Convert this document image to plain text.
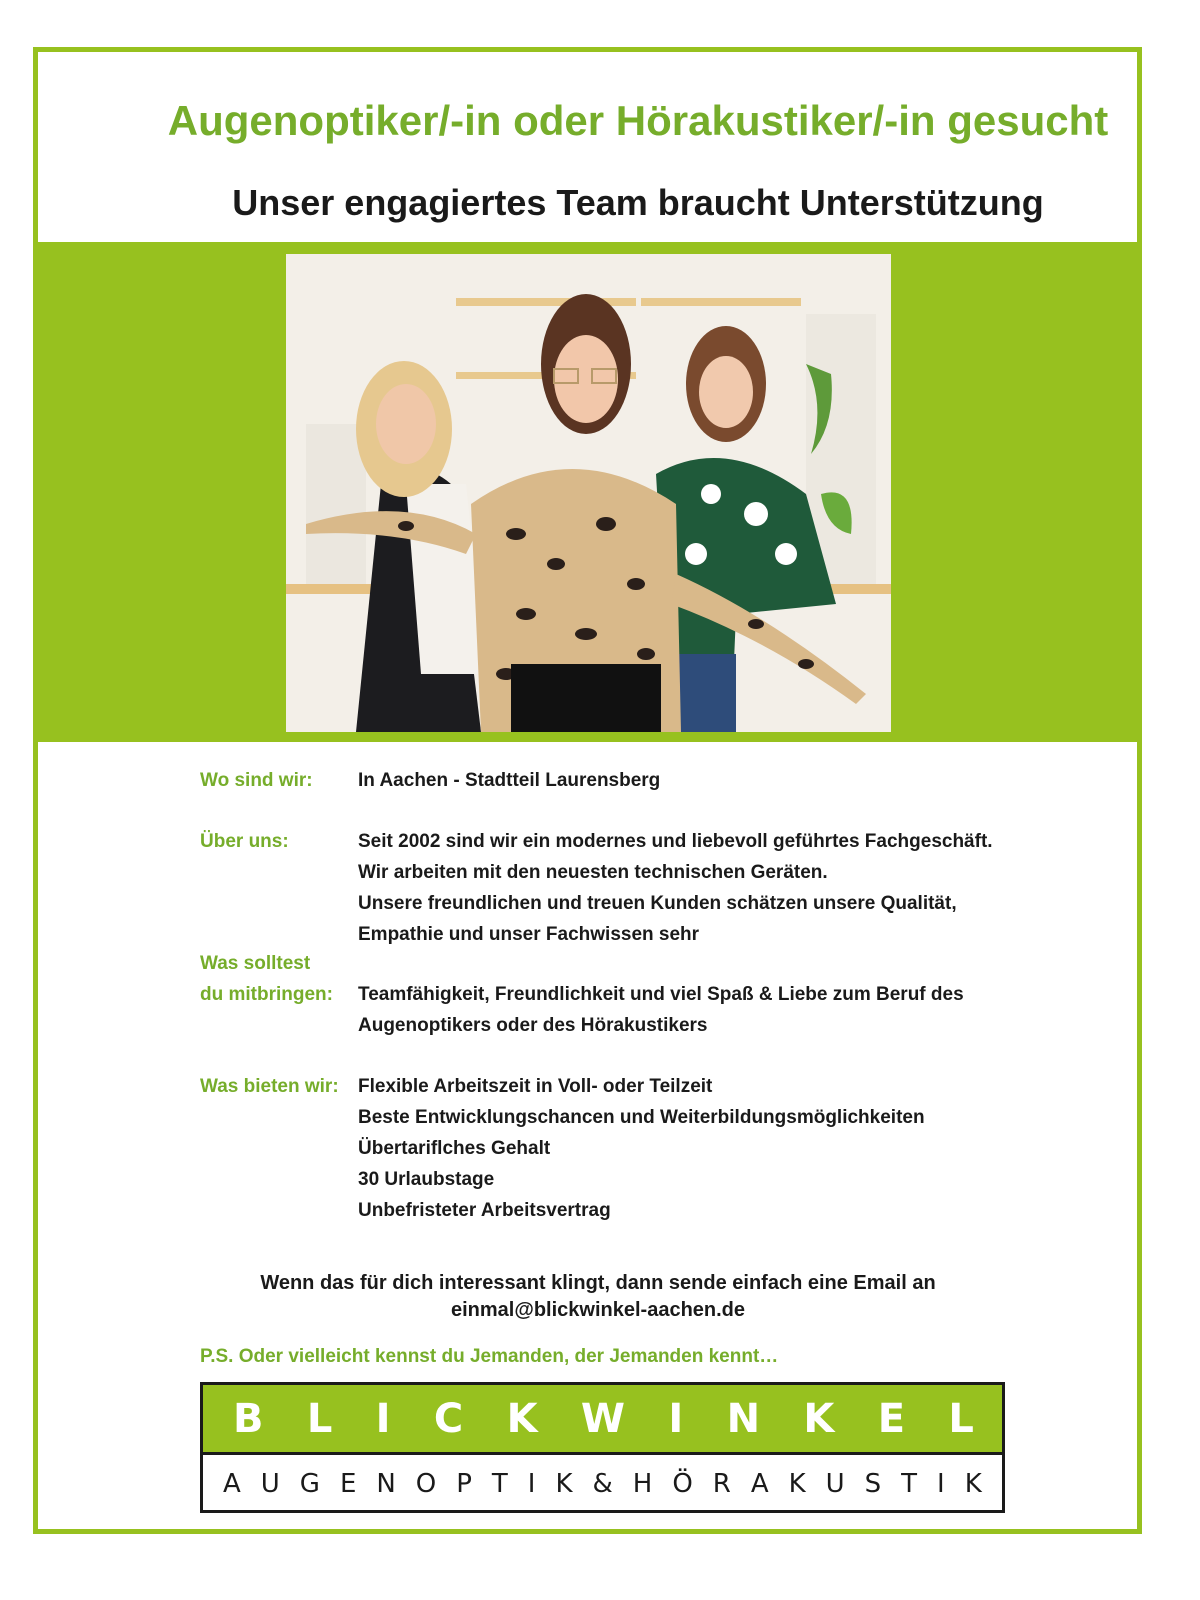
Augenoptiker/-in oder Hörakustiker/-in gesucht
Unser engagiertes Team braucht Unterstützung
Wo sind wir:	In Aachen - Stadtteil Laurensberg
Über uns:	Seit 2002 sind wir ein modernes und liebevoll geführtes Fachgeschäft.
Wir arbeiten mit den neuesten technischen Geräten.
Unsere freundlichen und treuen Kunden schätzen unsere Qualität,
Empathie und unser Fachwissen sehr
Was solltest
du mitbringen:	Teamfähigkeit, Freundlichkeit und viel Spaß & Liebe zum Beruf des
Augenoptikers oder des Hörakustikers
Was bieten wir:	Flexible Arbeitszeit in Voll- oder Teilzeit
Beste Entwicklungschancen und Weiterbildungsmöglichkeiten
Übertariflches Gehalt
30 Urlaubstage
Unbefristeter Arbeitsvertrag
Wenn das für dich interessant klingt, dann sende einfach eine Email an
einmal@blickwinkel-aachen.de
P.S. Oder vielleicht kennst du Jemanden, der Jemanden kennt…
B L I C K W I N K E L
A U G E N O P T I K & H Ö R A K U S T I K
